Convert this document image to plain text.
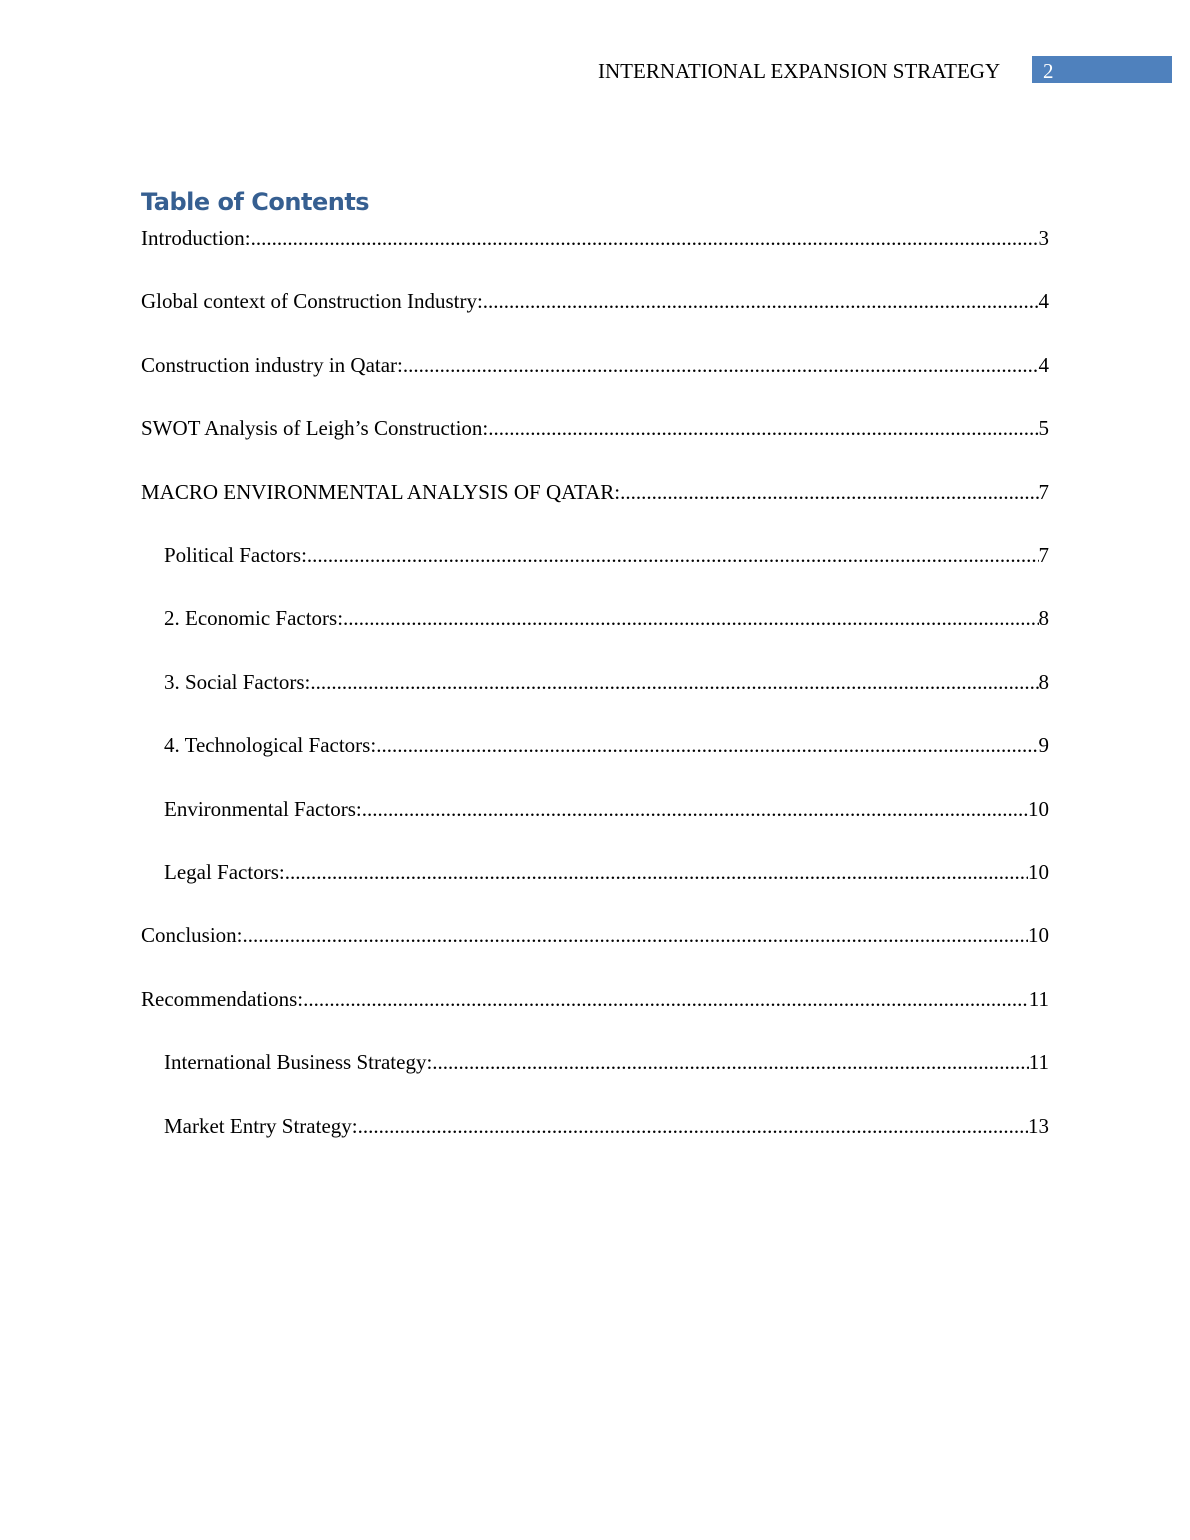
INTERNATIONAL EXPANSION STRATEGY 2
Table of Contents
Introduction: .....	3
Global context of Construction Industry: .....	4
Construction industry in Qatar: .....	4
SWOT Analysis of Leigh’s Construction: .....	5
MACRO ENVIRONMENTAL ANALYSIS OF QATAR: .....	7
Political Factors: .....	7
2. Economic Factors: .....	8
3. Social Factors: .....	8
4. Technological Factors: .....	9
Environmental Factors: .....	10
Legal Factors: .....	10
Conclusion: .....	10
Recommendations: .....	11
International Business Strategy: .....	11
Market Entry Strategy: .....	13
